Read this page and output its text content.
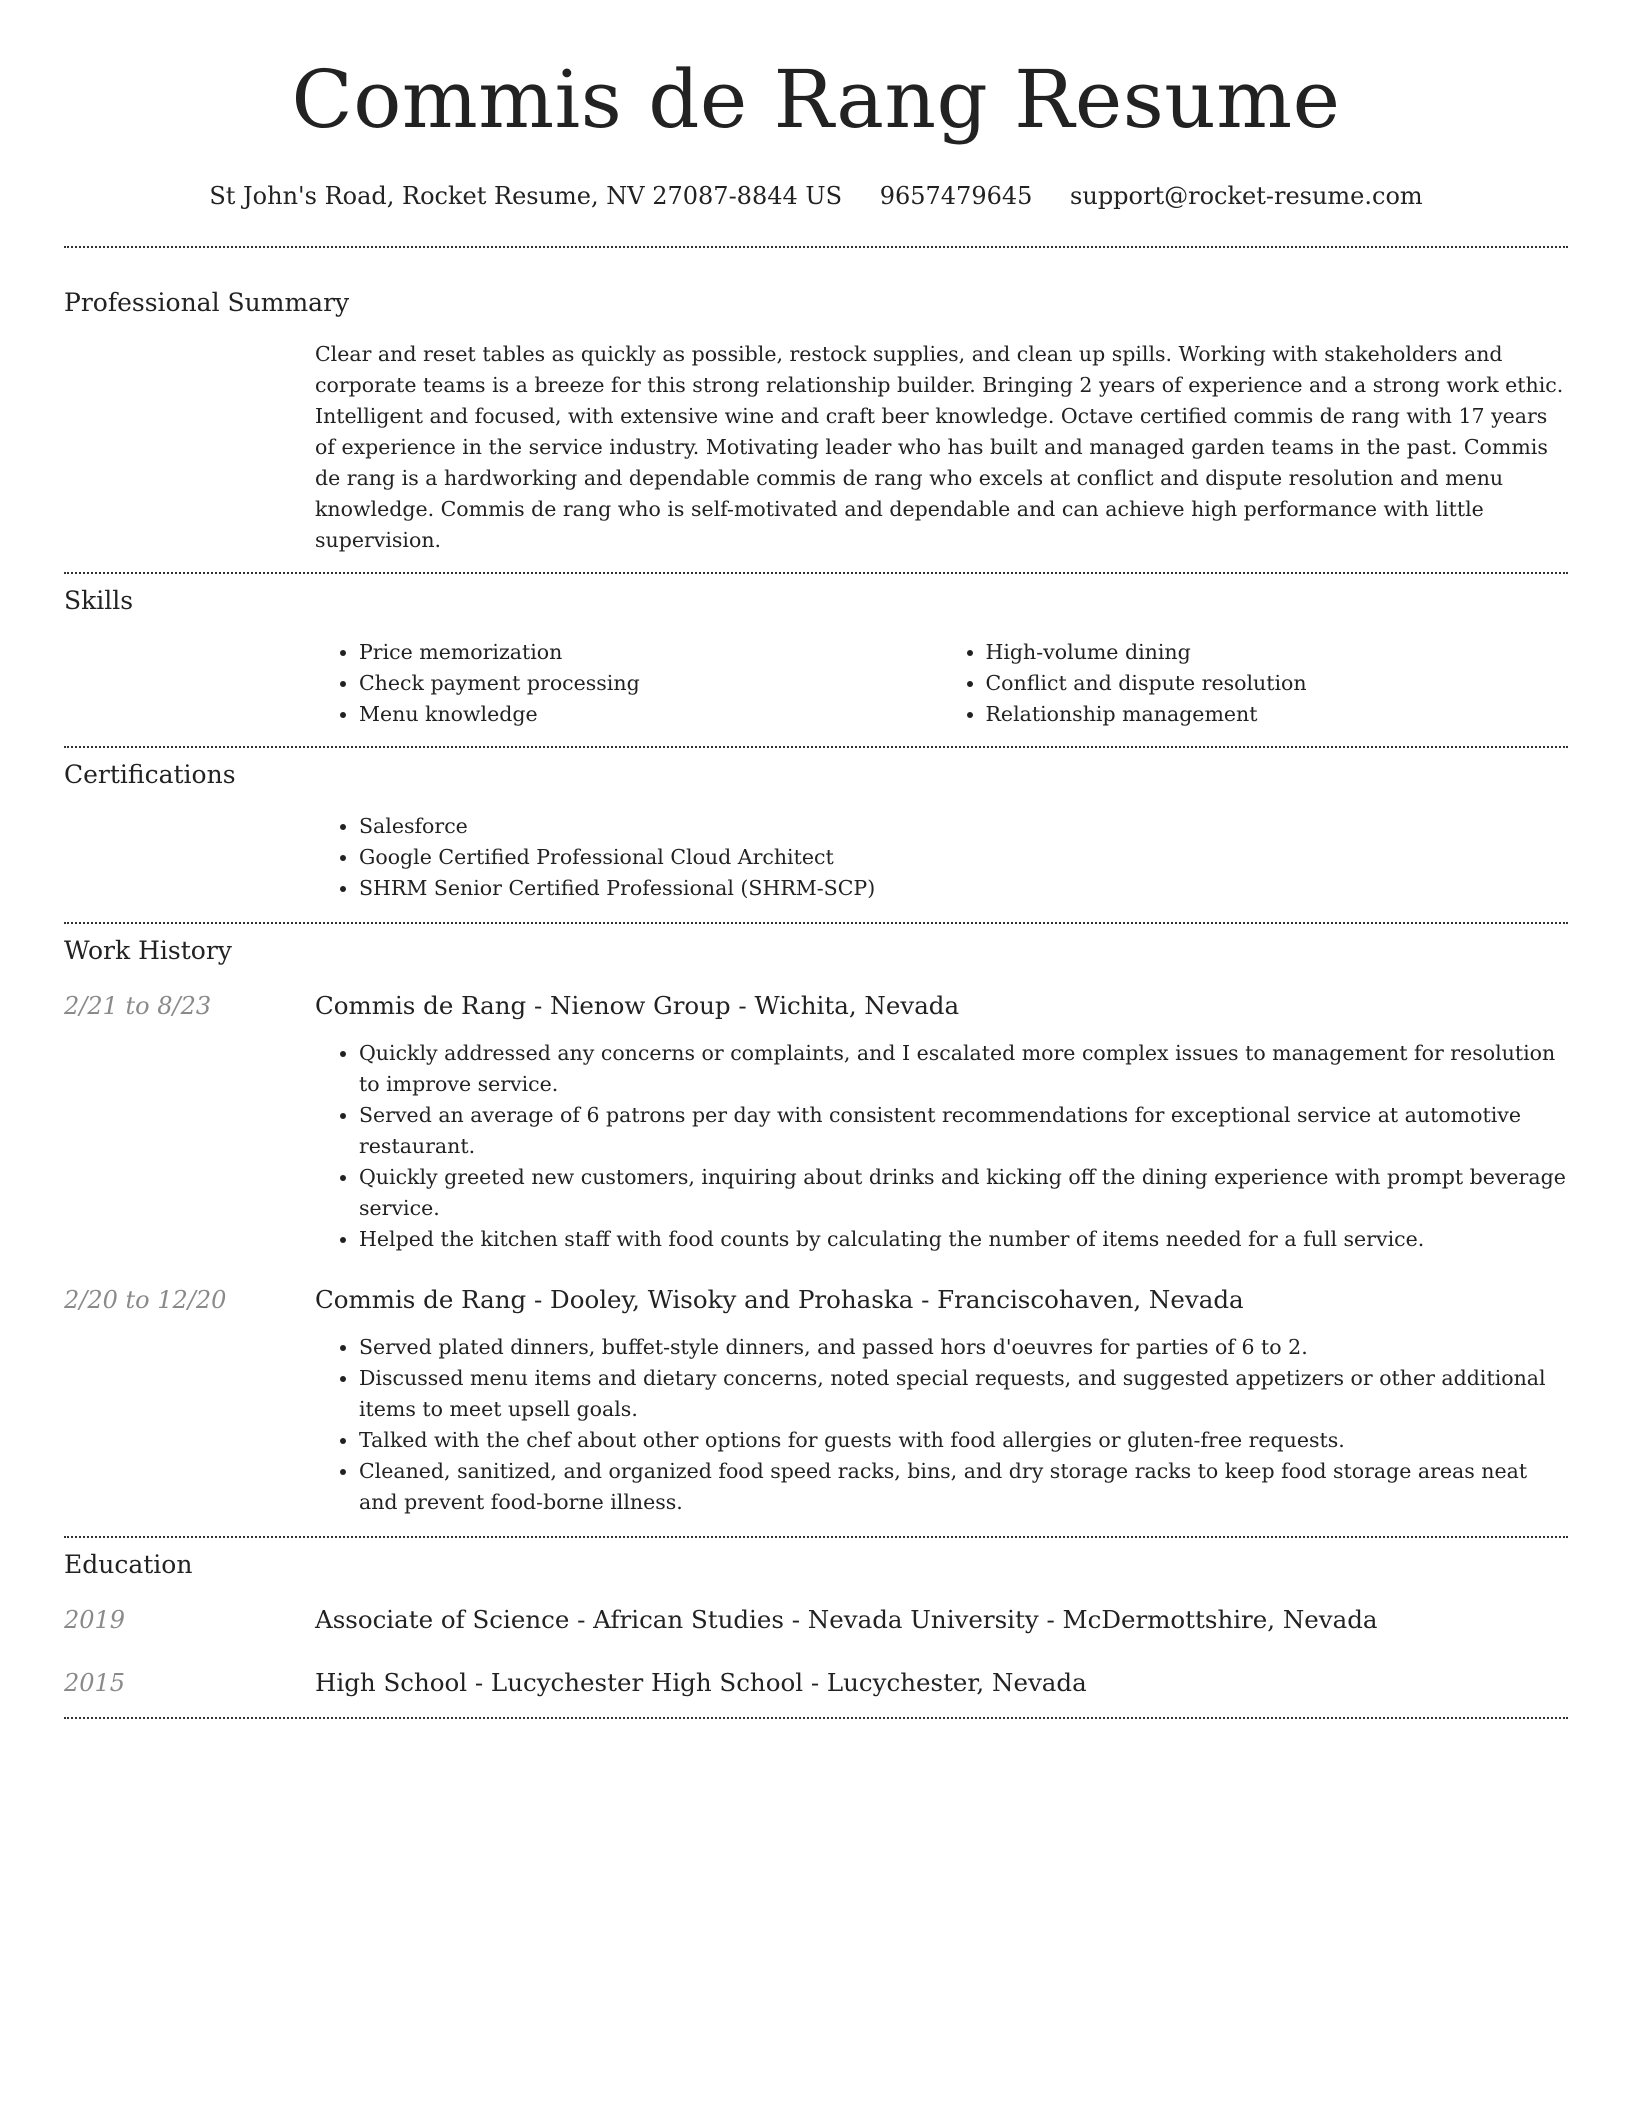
Commis de Rang Resume
St John's Road, Rocket Resume, NV 27087-8844 US 9657479645 support@rocket-resume.com
Professional Summary

Clear and reset tables as quickly as possible, restock supplies, and clean up spills. Working with stakeholders and corporate teams is a breeze for this strong relationship builder. Bringing 2 years of experience and a strong work ethic. Intelligent and focused, with extensive wine and craft beer knowledge. Octave certified commis de rang with 17 years of experience in the service industry. Motivating leader who has built and managed garden teams in the past. Commis de rang is a hardworking and dependable commis de rang who excels at conflict and dispute resolution and menu knowledge. Commis de rang who is self-motivated and dependable and can achieve high performance with little supervision.

Skills
• Price memorization
• Check payment processing
• Menu knowledge
• High-volume dining
• Conflict and dispute resolution
• Relationship management
Certifications
• Salesforce
• Google Certified Professional Cloud Architect
• SHRM Senior Certified Professional (SHRM-SCP)
Work History
2/21 to 8/23	Commis de Rang - Nienow Group - Wichita, Nevada
• Quickly addressed any concerns or complaints, and I escalated more complex issues to management for resolution to improve service.
• Served an average of 6 patrons per day with consistent recommendations for exceptional service at automotive restaurant.
• Quickly greeted new customers, inquiring about drinks and kicking off the dining experience with prompt beverage service.
• Helped the kitchen staff with food counts by calculating the number of items needed for a full service.
2/20 to 12/20	Commis de Rang - Dooley, Wisoky and Prohaska - Franciscohaven, Nevada
• Served plated dinners, buffet-style dinners, and passed hors d'oeuvres for parties of 6 to 2.
• Discussed menu items and dietary concerns, noted special requests, and suggested appetizers or other additional items to meet upsell goals.
• Talked with the chef about other options for guests with food allergies or gluten-free requests.
• Cleaned, sanitized, and organized food speed racks, bins, and dry storage racks to keep food storage areas neat and prevent food-borne illness.
Education
2019	Associate of Science - African Studies - Nevada University - McDermottshire, Nevada
2015	High School - Lucychester High School - Lucychester, Nevada
